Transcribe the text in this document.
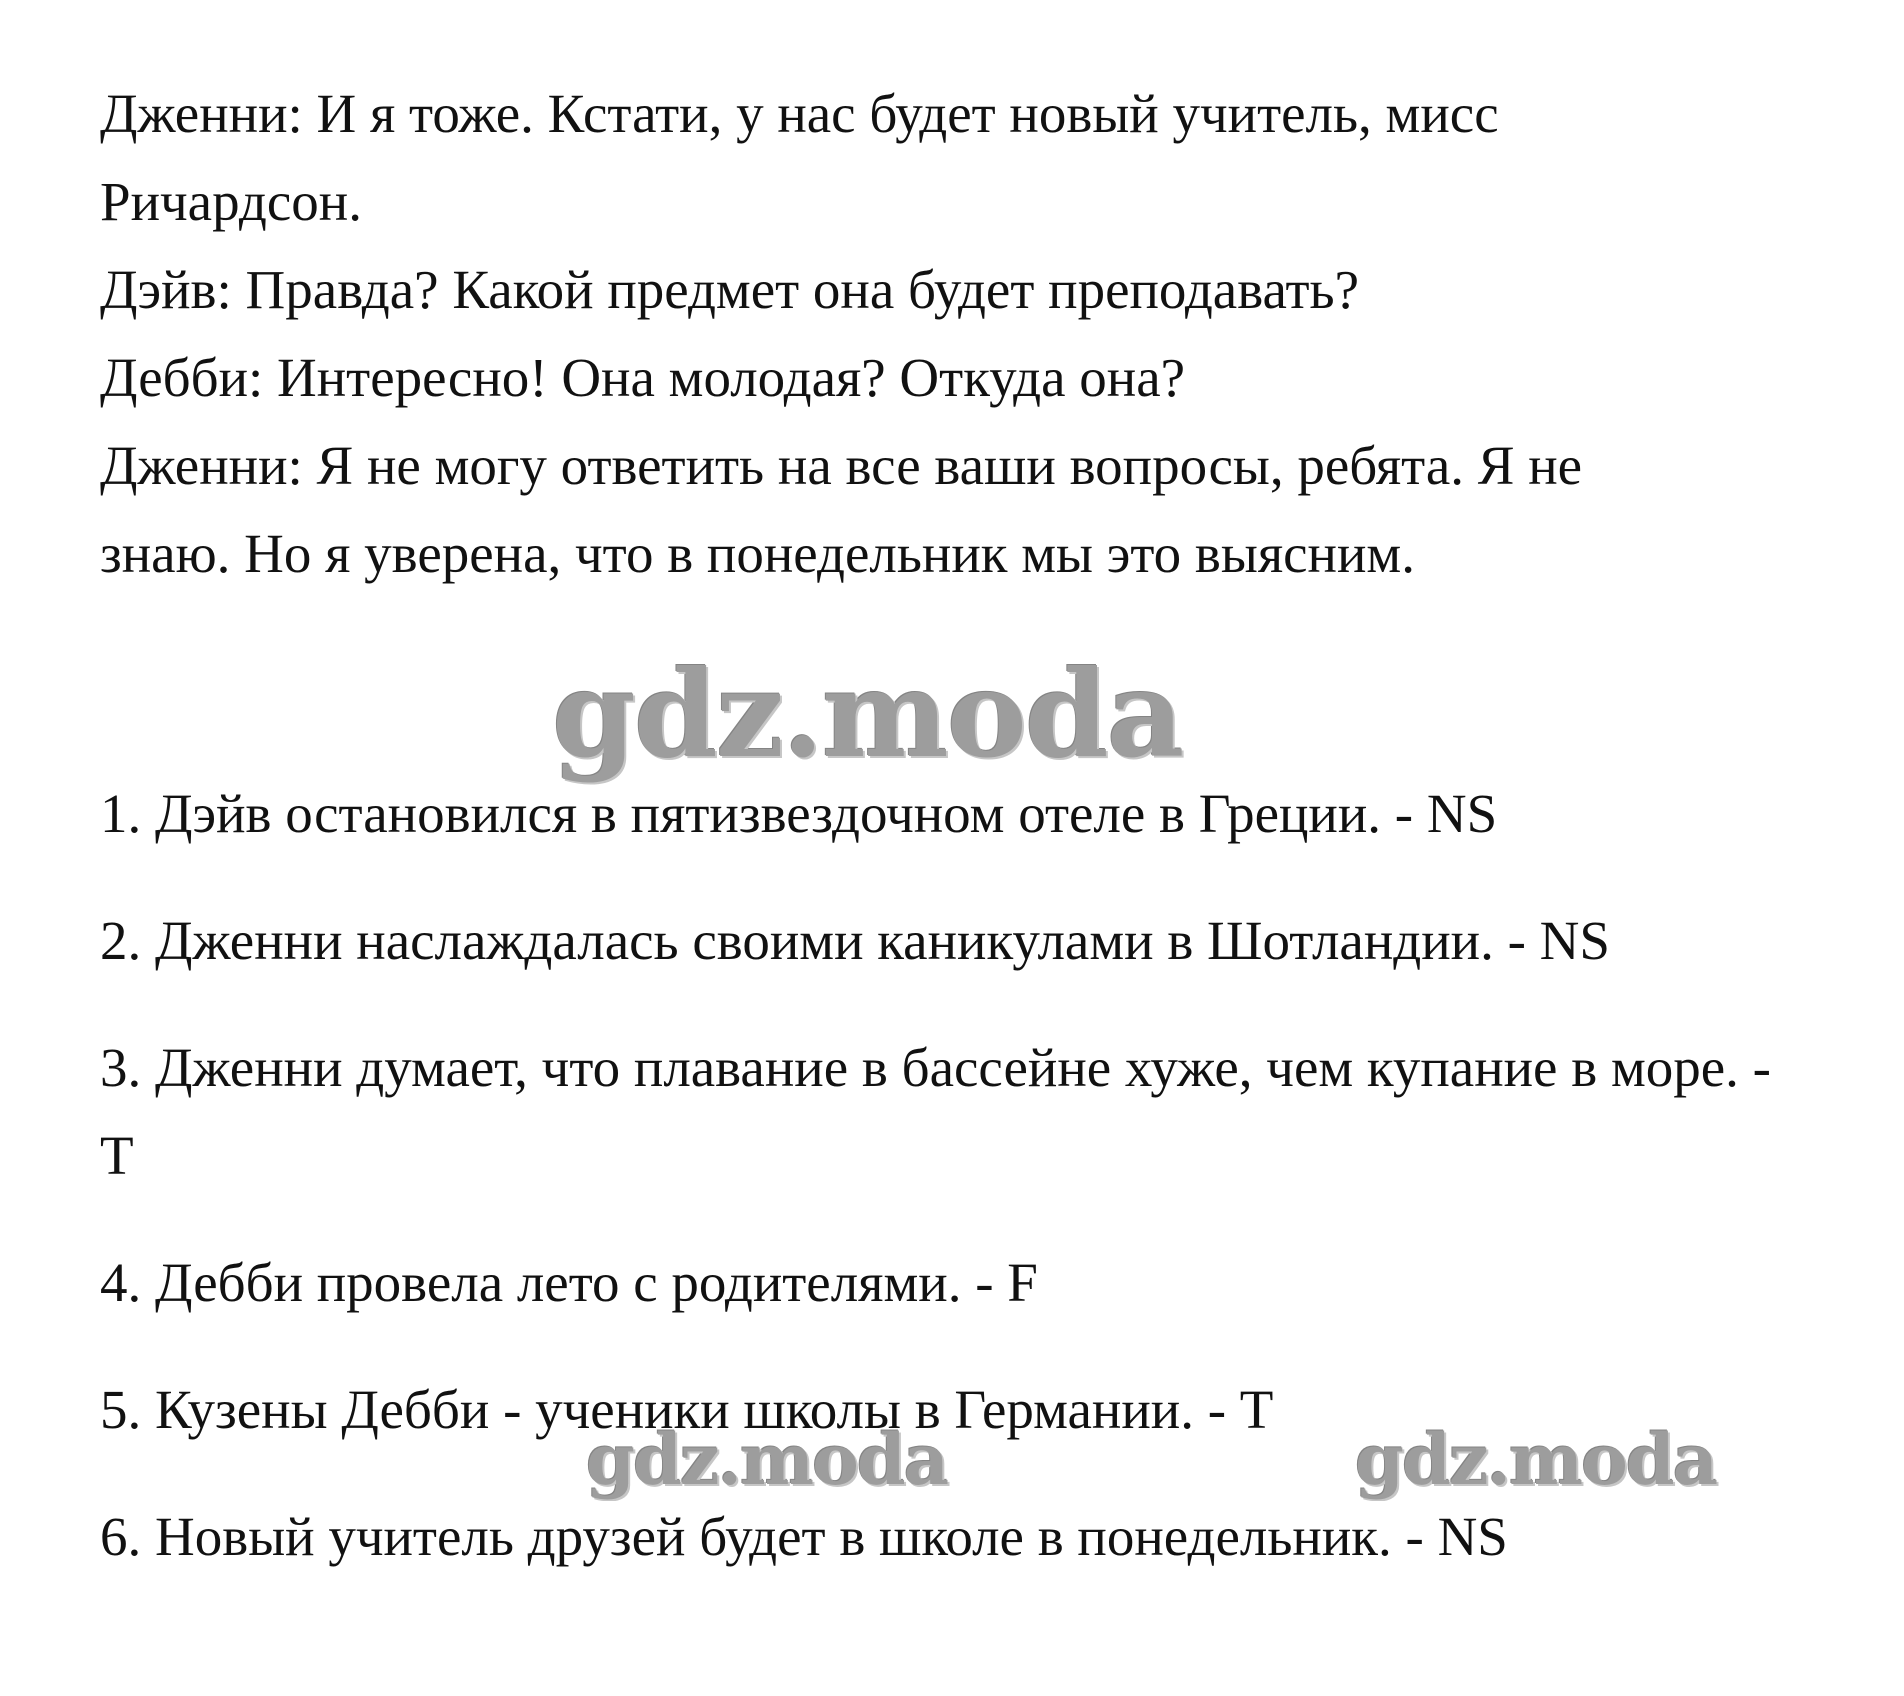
Дженни: И я тоже. Кстати, у нас будет новый учитель, мисс

Ричардсон.

Дэйв: Правда? Какой предмет она будет преподавать?

Дебби: Интересно! Она молодая? Откуда она?

Дженни: Я не могу ответить на все ваши вопросы, ребята. Я не

знаю. Но я уверена, что в понедельник мы это выясним.

gdz.moda

1. Дэйв остановился в пятизвездочном отеле в Греции. - NS

2. Дженни наслаждалась своими каникулами в Шотландии. - NS

3. Дженни думает, что плавание в бассейне хуже, чем купание в море. - T

4. Дебби провела лето с родителями. - F

5. Кузены Дебби - ученики школы в Германии. - T

6. Новый учитель друзей будет в школе в понедельник. - NS

gdz.moda	gdz.moda
